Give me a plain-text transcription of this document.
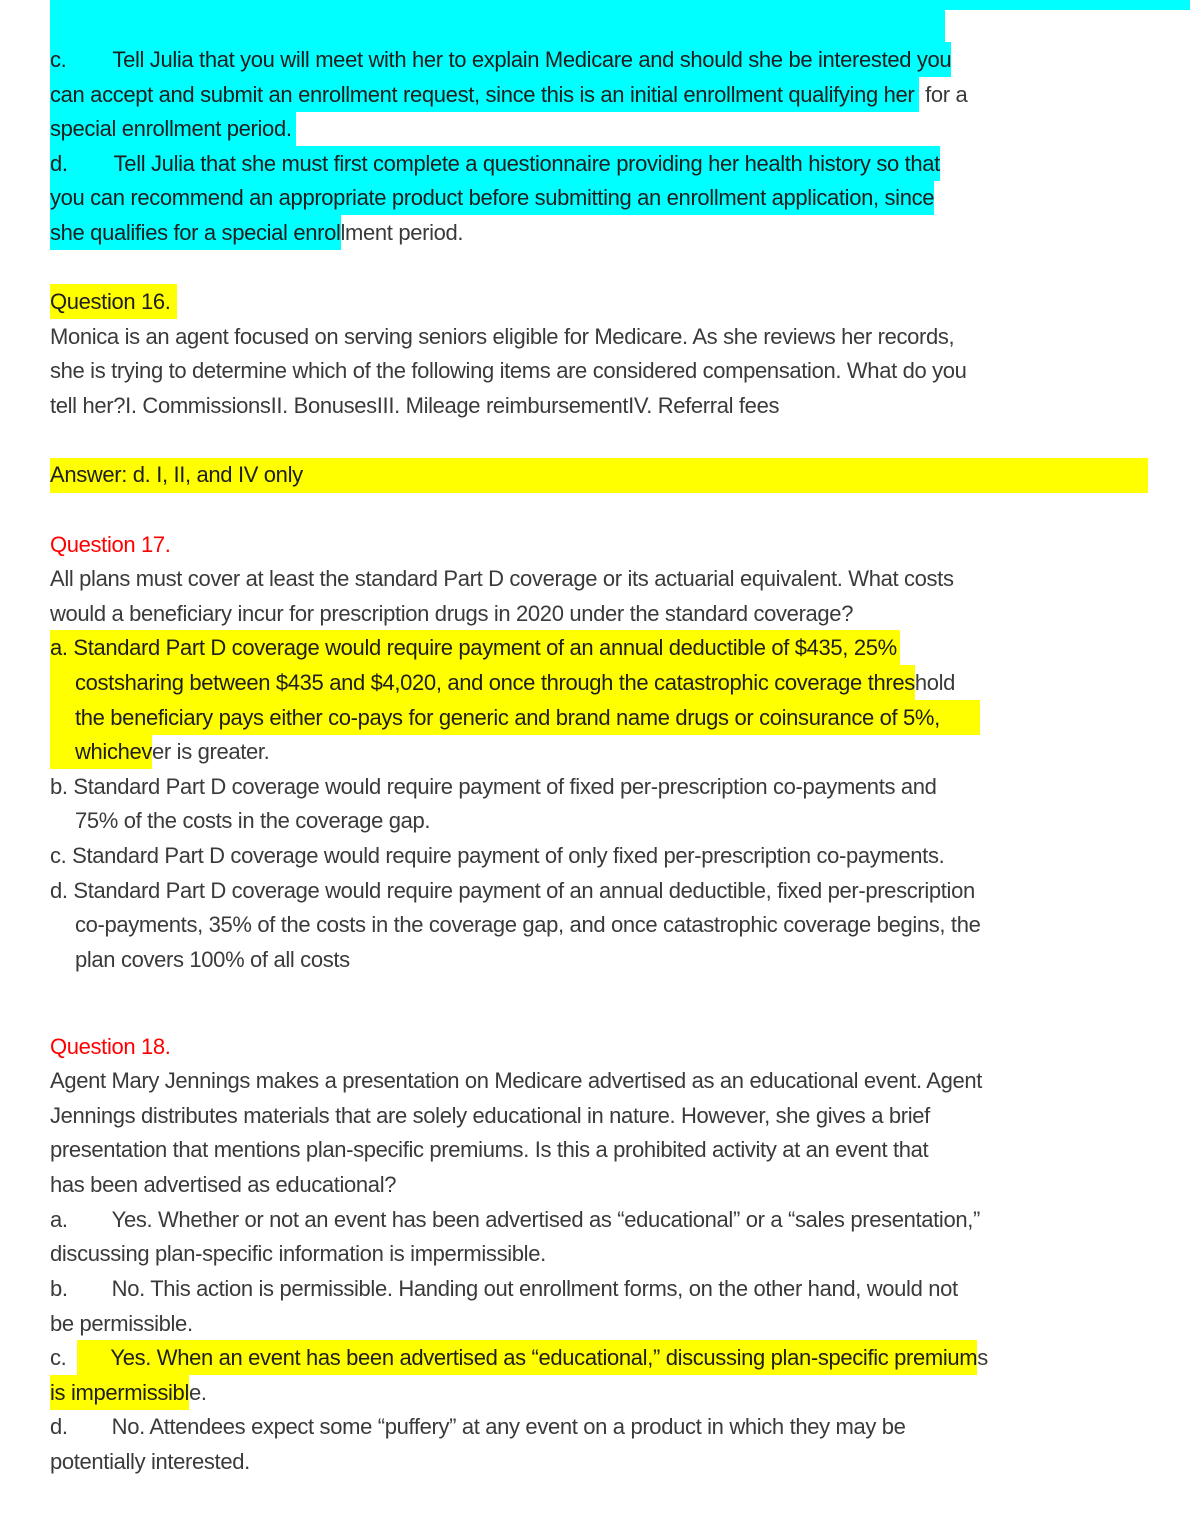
c. Tell Julia that you will meet with her to explain Medicare and should she be interested you
can accept and submit an enrollment request, since this is an initial enrollment qualifying her for a
special enrollment period.
d. Tell Julia that she must first complete a questionnaire providing her health history so that
you can recommend an appropriate product before submitting an enrollment application, since
she qualifies for a special enrollment period.
Question 16.
Monica is an agent focused on serving seniors eligible for Medicare. As she reviews her records,
she is trying to determine which of the following items are considered compensation. What do you
tell her?I. CommissionsII. BonusesIII. Mileage reimbursementIV. Referral fees
Answer: d. I, II, and IV only
Question 17.
All plans must cover at least the standard Part D coverage or its actuarial equivalent. What costs
would a beneficiary incur for prescription drugs in 2020 under the standard coverage?
a. Standard Part D coverage would require payment of an annual deductible of $435, 25%
costsharing between $435 and $4,020, and once through the catastrophic coverage threshold
the beneficiary pays either co-pays for generic and brand name drugs or coinsurance of 5%,
whichever is greater.
b. Standard Part D coverage would require payment of fixed per-prescription co-payments and
75% of the costs in the coverage gap.
c. Standard Part D coverage would require payment of only fixed per-prescription co-payments.
d. Standard Part D coverage would require payment of an annual deductible, fixed per-prescription
co-payments, 35% of the costs in the coverage gap, and once catastrophic coverage begins, the
plan covers 100% of all costs
Question 18.
Agent Mary Jennings makes a presentation on Medicare advertised as an educational event. Agent
Jennings distributes materials that are solely educational in nature. However, she gives a brief
presentation that mentions plan-specific premiums. Is this a prohibited activity at an event that
has been advertised as educational?
a. Yes. Whether or not an event has been advertised as “educational” or a “sales presentation,”
discussing plan-specific information is impermissible.
b. No. This action is permissible. Handing out enrollment forms, on the other hand, would not
be permissible.
c. Yes. When an event has been advertised as “educational,” discussing plan-specific premiums
is impermissible.
d. No. Attendees expect some “puffery” at any event on a product in which they may be
potentially interested.
